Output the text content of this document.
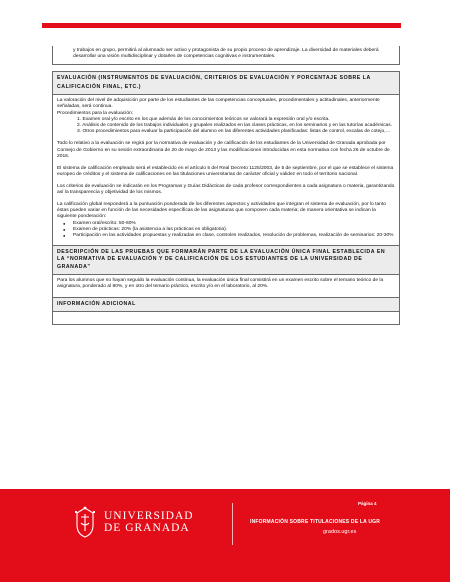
y trabajos en grupo, permitirá al alumnado ser activo y protagonista de su propio proceso de aprendizaje. La diversidad de materiales deberá desarrollar una visión multidisciplinar y dotarles de competencias cognitivas e instrumentales.

EVALUACIÓN (INSTRUMENTOS DE EVALUACIÓN, CRITERIOS DE EVALUACIÓN Y PORCENTAJE SOBRE LA CALIFICACIÓN FINAL, ETC.)

La valoración del nivel de adquisición por parte de los estudiantes de las competencias conceptuales, procedimentales y actitudinales, anteriormente señaladas, será continua.
Procedimientos para la evaluación:

1. Examen oral y/o escrito en los que además de los conocimientos teóricos se valorará la expresión oral y/o escrita.
2. Análisis de contenido de los trabajos individuales y grupales realizados en las clases prácticas, en los seminarios y en las tutorías académicas.
3. Otros procedimientos para evaluar la participación del alumno en las diferentes actividades planificadas: listas de control, escalas de cotejo,…

Todo lo relativo a la evaluación se regirá por la normativa de evaluación y de calificación de los estudiantes de la Universidad de Granada aprobada por Consejo de Gobierno en su sesión extraordinaria de 20 de mayo de 2013 y las modificaciones introducidas en esta normativa con fecha 26 de octubre de 2016.

El sistema de calificación empleado será el establecido en el artículo 5 del Real Decreto 1125/2003, de 5 de septiembre, por el que se establece el sistema europeo de créditos y el sistema de calificaciones en las titulaciones universitarias de carácter oficial y validez en todo el territorio nacional.

Los criterios de evaluación se indicarán en los Programas y Guías Didácticas de cada profesor correspondientes a cada asignatura o materia, garantizando así la transparencia y objetividad de los mismos.

La calificación global responderá a la puntuación ponderada de los diferentes aspectos y actividades que integran el sistema de evaluación, por lo tanto éstas pueden variar en función de las necesidades específicas de las asignaturas que componen cada materia; de manera orientativa se indican la siguiente ponderación:

● Examen oral/escrito: 50-60%
● Examen de prácticas: 20% (la asistencia a las prácticas es obligatoria).
● Participación en las actividades propuestas y realizadas en clase, controles realizados, resolución de problemas, realización de seminarios: 20-30%
DESCRIPCIÓN DE LAS PRUEBAS QUE FORMARÁN PARTE DE LA EVALUACIÓN ÚNICA FINAL ESTABLECIDA EN LA “NORMATIVA DE EVALUACIÓN Y DE CALIFICACIÓN DE LOS ESTUDIANTES DE LA UNIVERSIDAD DE GRANADA”

Para los alumnos que no hayan seguido la evaluación continua, la evaluación única final consistirá en un examen escrito sobre el temario teórico de la asignatura, ponderado al 80%, y en otro del temario práctico, escrito y/o en el laboratorio, al 20%.

INFORMACIÓN ADICIONAL
UNIVERSIDAD
DE GRANADA
Página 4
INFORMACIÓN SOBRE TITULACIONES DE LA UGR
grados.ugr.es
